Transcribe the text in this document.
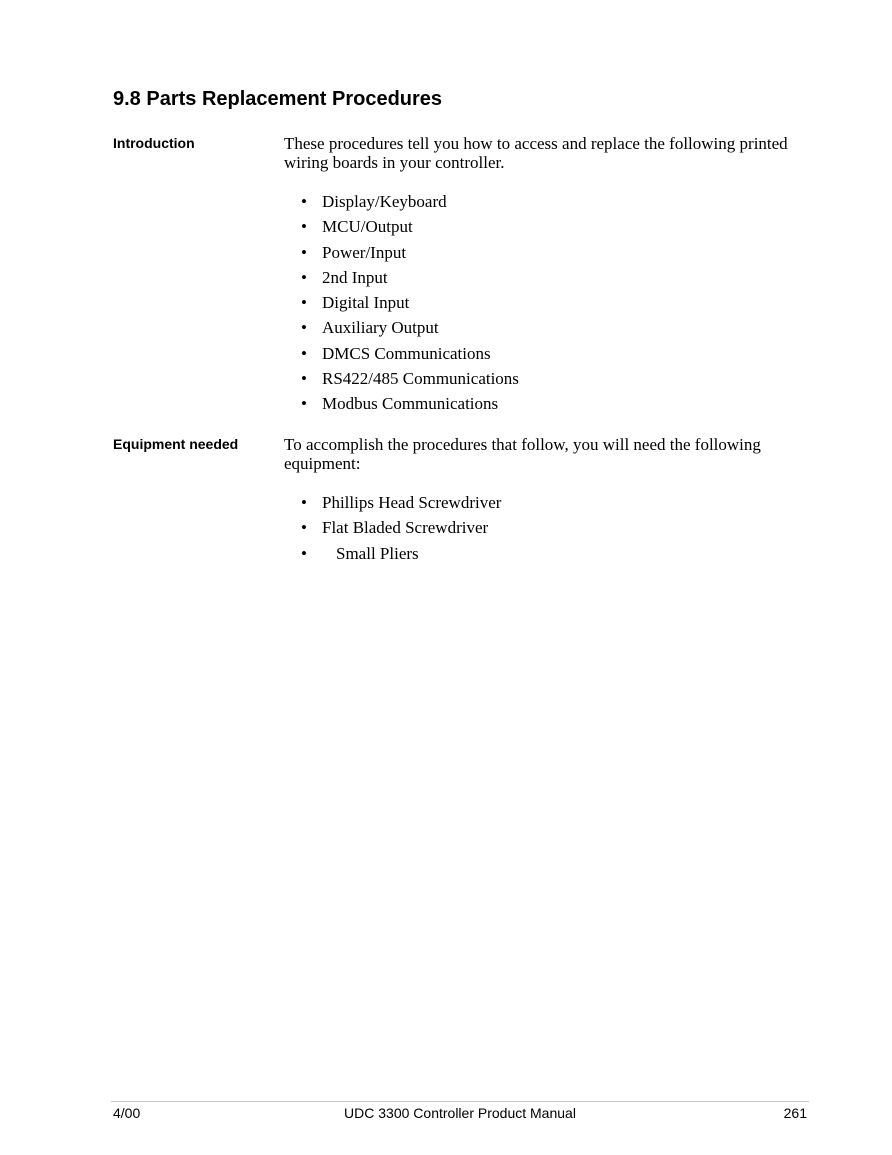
9.8 Parts Replacement Procedures
Introduction	These procedures tell you how to access and replace the following printed wiring boards in your controller.

• Display/Keyboard
• MCU/Output
• Power/Input
• 2nd Input
• Digital Input
• Auxiliary Output
• DMCS Communications
• RS422/485 Communications
• Modbus Communications
Equipment needed	To accomplish the procedures that follow, you will need the following equipment:

• Phillips Head Screwdriver
• Flat Bladed Screwdriver
• Small Pliers
4/00	UDC 3300 Controller Product Manual	261
